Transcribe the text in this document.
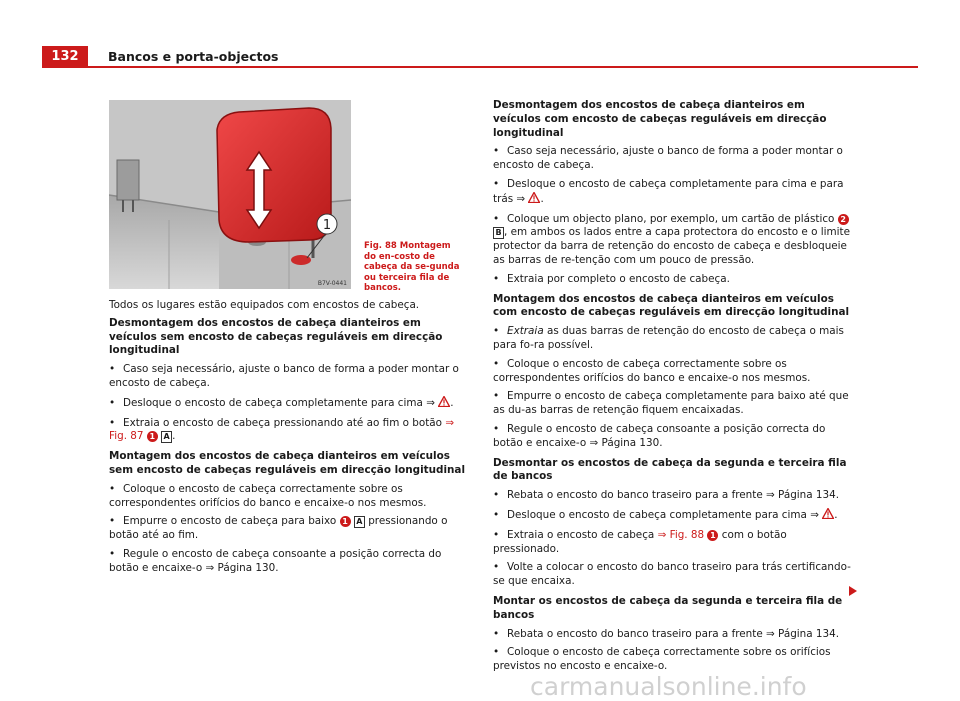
132	Bancos e porta-objectos
1
B7V-0441
Fig. 88 Montagem do en-costo de cabeça da se-gunda ou terceira fila de bancos.

Todos os lugares estão equipados com encostos de cabeça.

Desmontagem dos encostos de cabeça dianteiros em veículos sem encosto de cabeças reguláveis em direcção longitudinal

• Caso seja necessário, ajuste o banco de forma a poder montar o encosto de cabeça.

• Desloque o encosto de cabeça completamente para cima ⇒ .

• Extraia o encosto de cabeça pressionando até ao fim o botão ⇒ Fig. 87 1 A .

Montagem dos encostos de cabeça dianteiros em veículos sem encosto de cabeças reguláveis em direcção longitudinal

• Coloque o encosto de cabeça correctamente sobre os correspondentes orifícios do banco e encaixe-o nos mesmos.

• Empurre o encosto de cabeça para baixo 1 A pressionando o botão até ao fim.

• Regule o encosto de cabeça consoante a posição correcta do botão e encaixe-o ⇒ Página 130.

Desmontagem dos encostos de cabeça dianteiros em veículos com encosto de cabeças reguláveis em direcção longitudinal

• Caso seja necessário, ajuste o banco de forma a poder montar o encosto de cabeça.

• Desloque o encosto de cabeça completamente para cima e para trás ⇒ .

• Coloque um objecto plano, por exemplo, um cartão de plástico 2 B , em ambos os lados entre a capa protectora do encosto e o limite protector da barra de retenção do encosto de cabeça e desbloqueie as barras de re-tenção com um pouco de pressão.

• Extraia por completo o encosto de cabeça.

Montagem dos encostos de cabeça dianteiros em veículos com encosto de cabeças reguláveis em direcção longitudinal

• Extraia as duas barras de retenção do encosto de cabeça o mais para fo-ra possível.

• Coloque o encosto de cabeça correctamente sobre os correspondentes orifícios do banco e encaixe-o nos mesmos.

• Empurre o encosto de cabeça completamente para baixo até que as du-as barras de retenção fiquem encaixadas.

• Regule o encosto de cabeça consoante a posição correcta do botão e encaixe-o ⇒ Página 130.

Desmontar os encostos de cabeça da segunda e terceira fila de bancos

• Rebata o encosto do banco traseiro para a frente ⇒ Página 134.

• Desloque o encosto de cabeça completamente para cima ⇒ .

• Extraia o encosto de cabeça ⇒ Fig. 88 1 com o botão pressionado.

• Volte a colocar o encosto do banco traseiro para trás certificando-se que encaixa.

Montar os encostos de cabeça da segunda e terceira fila de bancos

• Rebata o encosto do banco traseiro para a frente ⇒ Página 134.

• Coloque o encosto de cabeça correctamente sobre os orifícios previstos no encosto e encaixe-o.

carmanualsonline.info
